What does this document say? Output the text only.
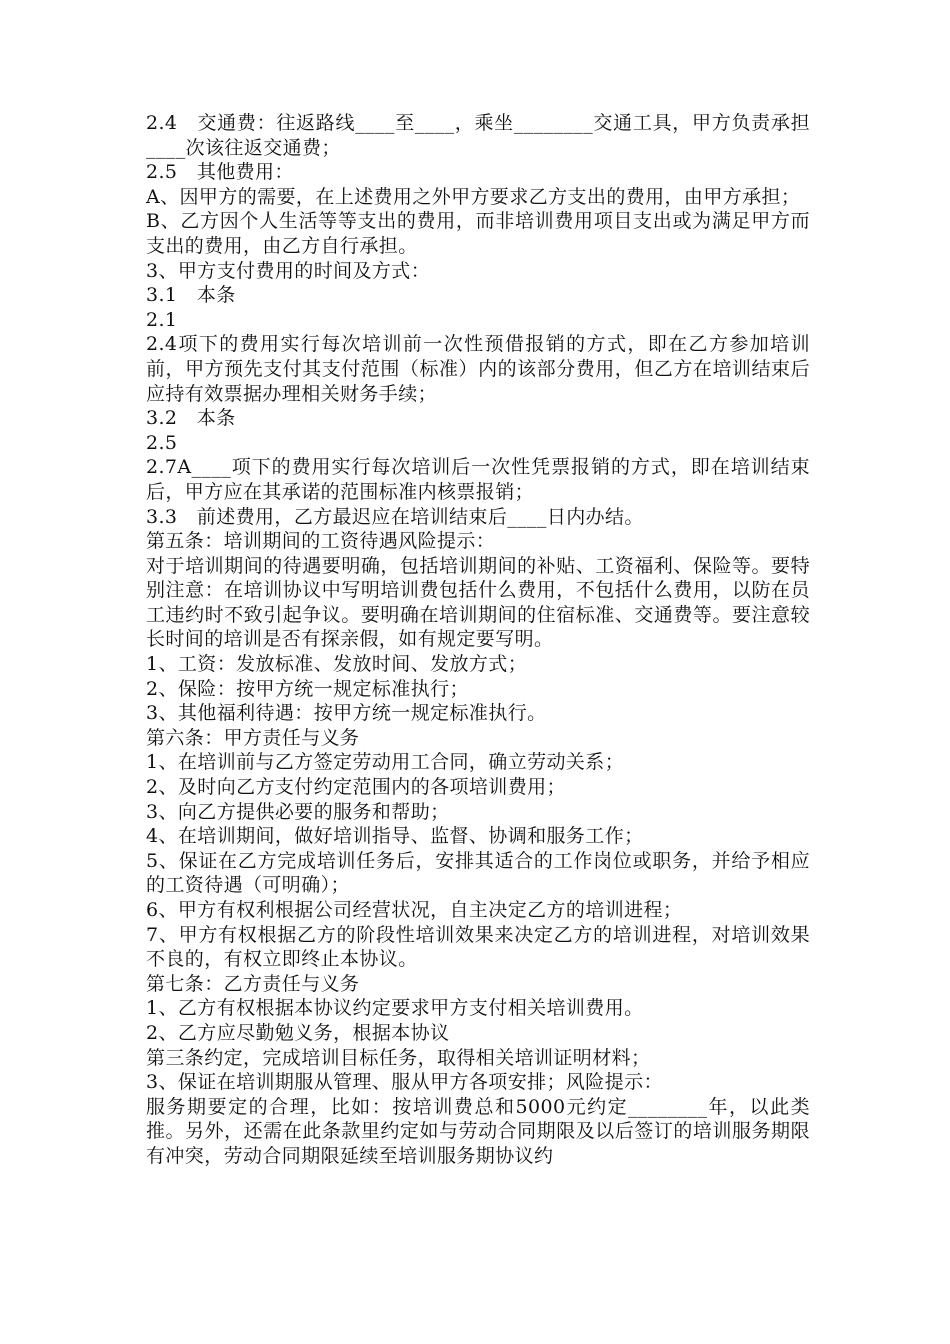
2.4　交通费：往返路线____至____，乘坐________交通工具，甲方负责承担____次该往返交通费；

2.5　其他费用：

A、因甲方的需要，在上述费用之外甲方要求乙方支出的费用，由甲方承担；

B、乙方因个人生活等等支出的费用，而非培训费用项目支出或为满足甲方而支出的费用，由乙方自行承担。

3、甲方支付费用的时间及方式：

3.1　本条

2.1

2.4项下的费用实行每次培训前一次性预借报销的方式，即在乙方参加培训前，甲方预先支付其支付范围（标准）内的该部分费用，但乙方在培训结束后应持有效票据办理相关财务手续；

3.2　本条

2.5

2.7A____项下的费用实行每次培训后一次性凭票报销的方式，即在培训结束后，甲方应在其承诺的范围标准内核票报销；

3.3　前述费用，乙方最迟应在培训结束后____日内办结。

第五条：培训期间的工资待遇风险提示：

对于培训期间的待遇要明确，包括培训期间的补贴、工资福利、保险等。要特别注意：在培训协议中写明培训费包括什么费用，不包括什么费用，以防在员工违约时不致引起争议。要明确在培训期间的住宿标准、交通费等。要注意较长时间的培训是否有探亲假，如有规定要写明。

1、工资：发放标准、发放时间、发放方式；

2、保险：按甲方统一规定标准执行；

3、其他福利待遇：按甲方统一规定标准执行。

第六条：甲方责任与义务

1、在培训前与乙方签定劳动用工合同，确立劳动关系；

2、及时向乙方支付约定范围内的各项培训费用；

3、向乙方提供必要的服务和帮助；

4、在培训期间，做好培训指导、监督、协调和服务工作；

5、保证在乙方完成培训任务后，安排其适合的工作岗位或职务，并给予相应的工资待遇（可明确）；

6、甲方有权利根据公司经营状况，自主决定乙方的培训进程；

7、甲方有权根据乙方的阶段性培训效果来决定乙方的培训进程，对培训效果不良的，有权立即终止本协议。

第七条：乙方责任与义务

1、乙方有权根据本协议约定要求甲方支付相关培训费用。

2、乙方应尽勤勉义务，根据本协议

第三条约定，完成培训目标任务，取得相关培训证明材料；

3、保证在培训期服从管理、服从甲方各项安排；风险提示：

服务期要定的合理，比如：按培训费总和5000元约定________年，以此类推。另外，还需在此条款里约定如与劳动合同期限及以后签订的培训服务期限有冲突，劳动合同期限延续至培训服务期协议约
